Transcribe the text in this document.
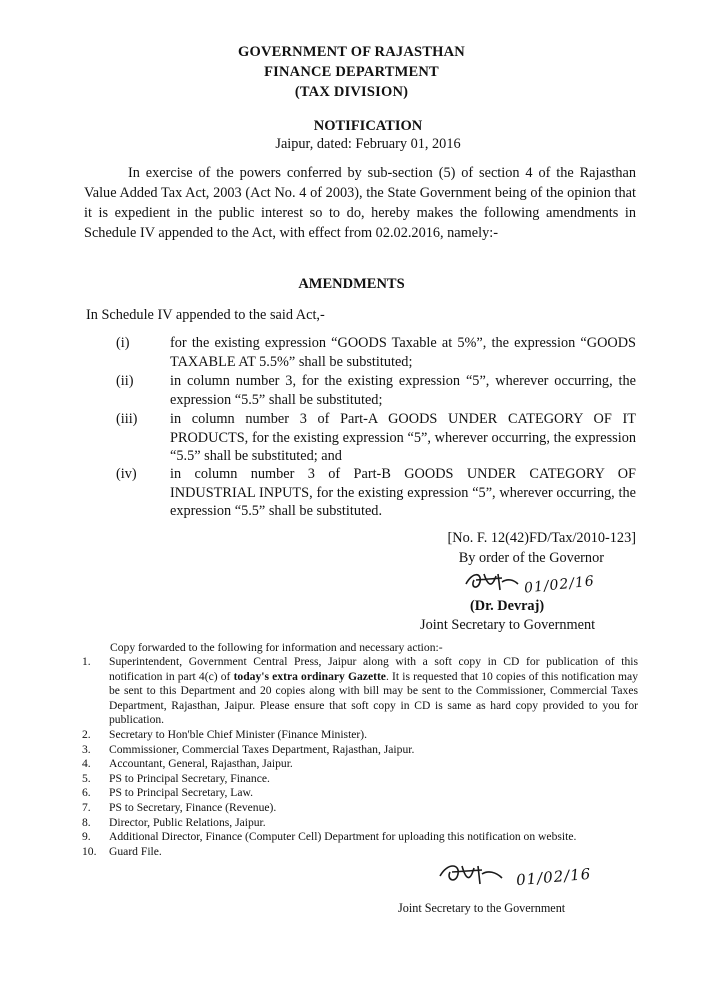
GOVERNMENT OF RAJASTHAN
FINANCE DEPARTMENT
(TAX DIVISION)
NOTIFICATION
Jaipur, dated: February 01, 2016
In exercise of the powers conferred by sub-section (5) of section 4 of the Rajasthan Value Added Tax Act, 2003 (Act No. 4 of 2003), the State Government being of the opinion that it is expedient in the public interest so to do, hereby makes the following amendments in Schedule IV appended to the Act, with effect from 02.02.2016, namely:-
AMENDMENTS
In Schedule IV appended to the said Act,-
(i)	for the existing expression “GOODS Taxable at 5%”, the expression “GOODS TAXABLE AT 5.5%” shall be substituted;
(ii)	in column number 3, for the existing expression “5”, wherever occurring, the expression “5.5” shall be substituted;
(iii)	in column number 3 of Part-A GOODS UNDER CATEGORY OF IT PRODUCTS, for the existing expression “5”, wherever occurring, the expression “5.5” shall be substituted; and
(iv)	in column number 3 of Part-B GOODS UNDER CATEGORY OF INDUSTRIAL INPUTS, for the existing expression “5”, wherever occurring, the expression “5.5” shall be substituted.
[No. F. 12(42)FD/Tax/2010-123]
By order of the Governor
01/02/16
(Dr. Devraj)
Joint Secretary to Government
Copy forwarded to the following for information and necessary action:-
1. Superintendent, Government Central Press, Jaipur along with a soft copy in CD for publication of this notification in part 4(c) of today's extra ordinary Gazette. It is requested that 10 copies of this notification may be sent to this Department and 20 copies along with bill may be sent to the Commissioner, Commercial Taxes Department, Rajasthan, Jaipur. Please ensure that soft copy in CD is same as hard copy provided to you for publication.
2. Secretary to Hon'ble Chief Minister (Finance Minister).
3. Commissioner, Commercial Taxes Department, Rajasthan, Jaipur.
4. Accountant, General, Rajasthan, Jaipur.
5. PS to Principal Secretary, Finance.
6. PS to Principal Secretary, Law.
7. PS to Secretary, Finance (Revenue).
8. Director, Public Relations, Jaipur.
9. Additional Director, Finance (Computer Cell) Department for uploading this notification on website.
10. Guard File.
01/02/16
Joint Secretary to the Government
